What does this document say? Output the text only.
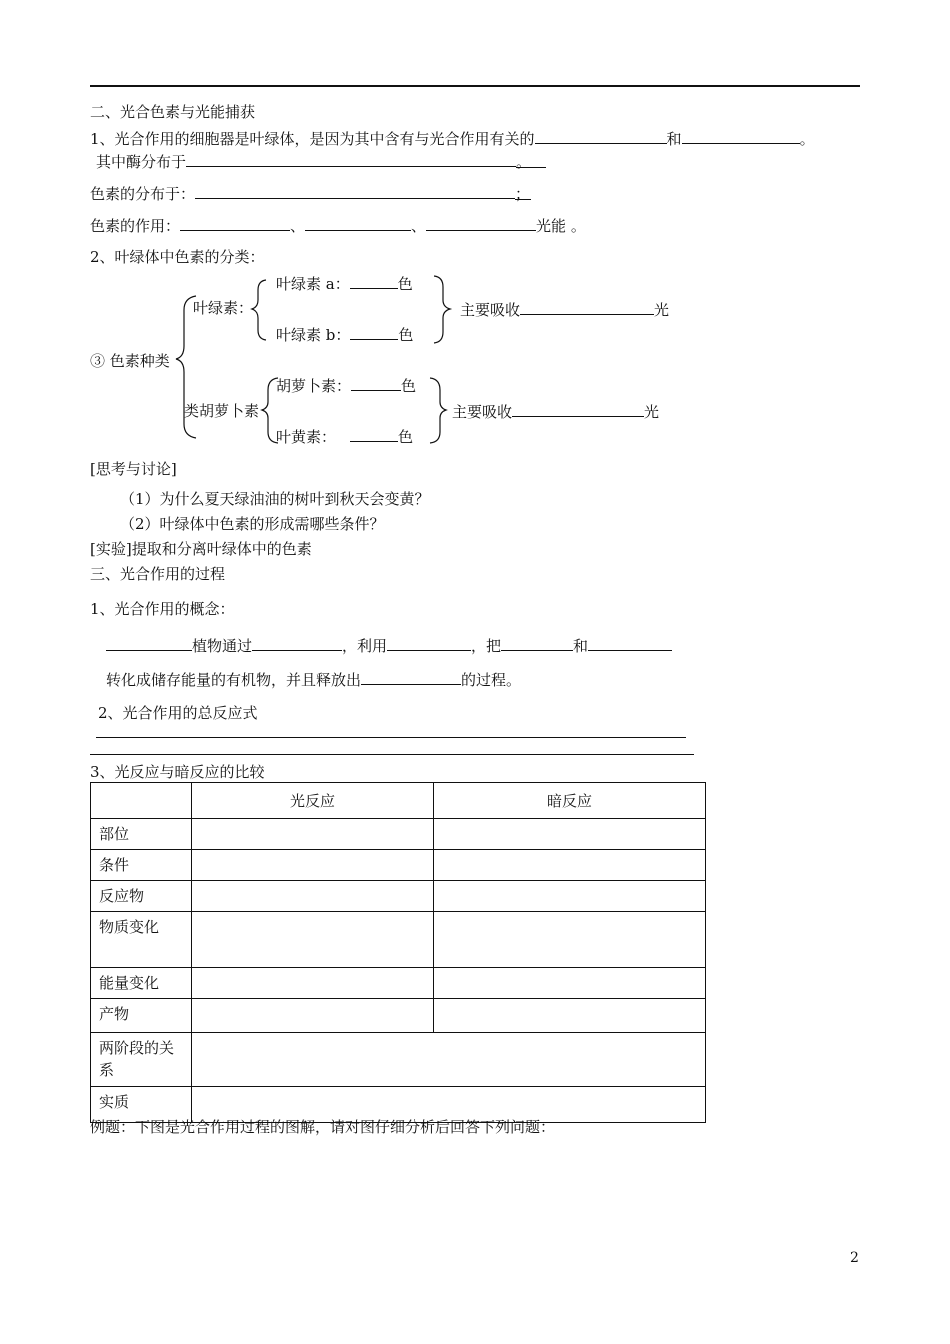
二、光合色素与光能捕获
1、光合作用的细胞器是叶绿体，是因为其中含有与光合作用有关的	和	。
其中酶分布于	。
色素的分布于：	；
色素的作用：	、	、	光能 。
2、叶绿体中色素的分类：
叶绿素 a：	色
叶绿素：	主要吸收	光
叶绿素 b：	色
③ 色素种类
胡萝卜素：	色
类胡萝卜素	主要吸收	光
叶黄素：	色
[思考与讨论]
（1）为什么夏天绿油油的树叶到秋天会变黄？
（2）叶绿体中色素的形成需哪些条件？
[实验]提取和分离叶绿体中的色素
三、光合作用的过程
1、光合作用的概念：
植物通过	，利用	，把	和
转化成储存能量的有机物，并且释放出	的过程。
2、光合作用的总反应式
3、光反应与暗反应的比较
	光反应	暗反应
部位		
条件		
反应物		
物质变化		
能量变化		
产物		
两阶段的关系		
实质		
例题：下图是光合作用过程的图解，请对图仔细分析后回答下列问题：
2
